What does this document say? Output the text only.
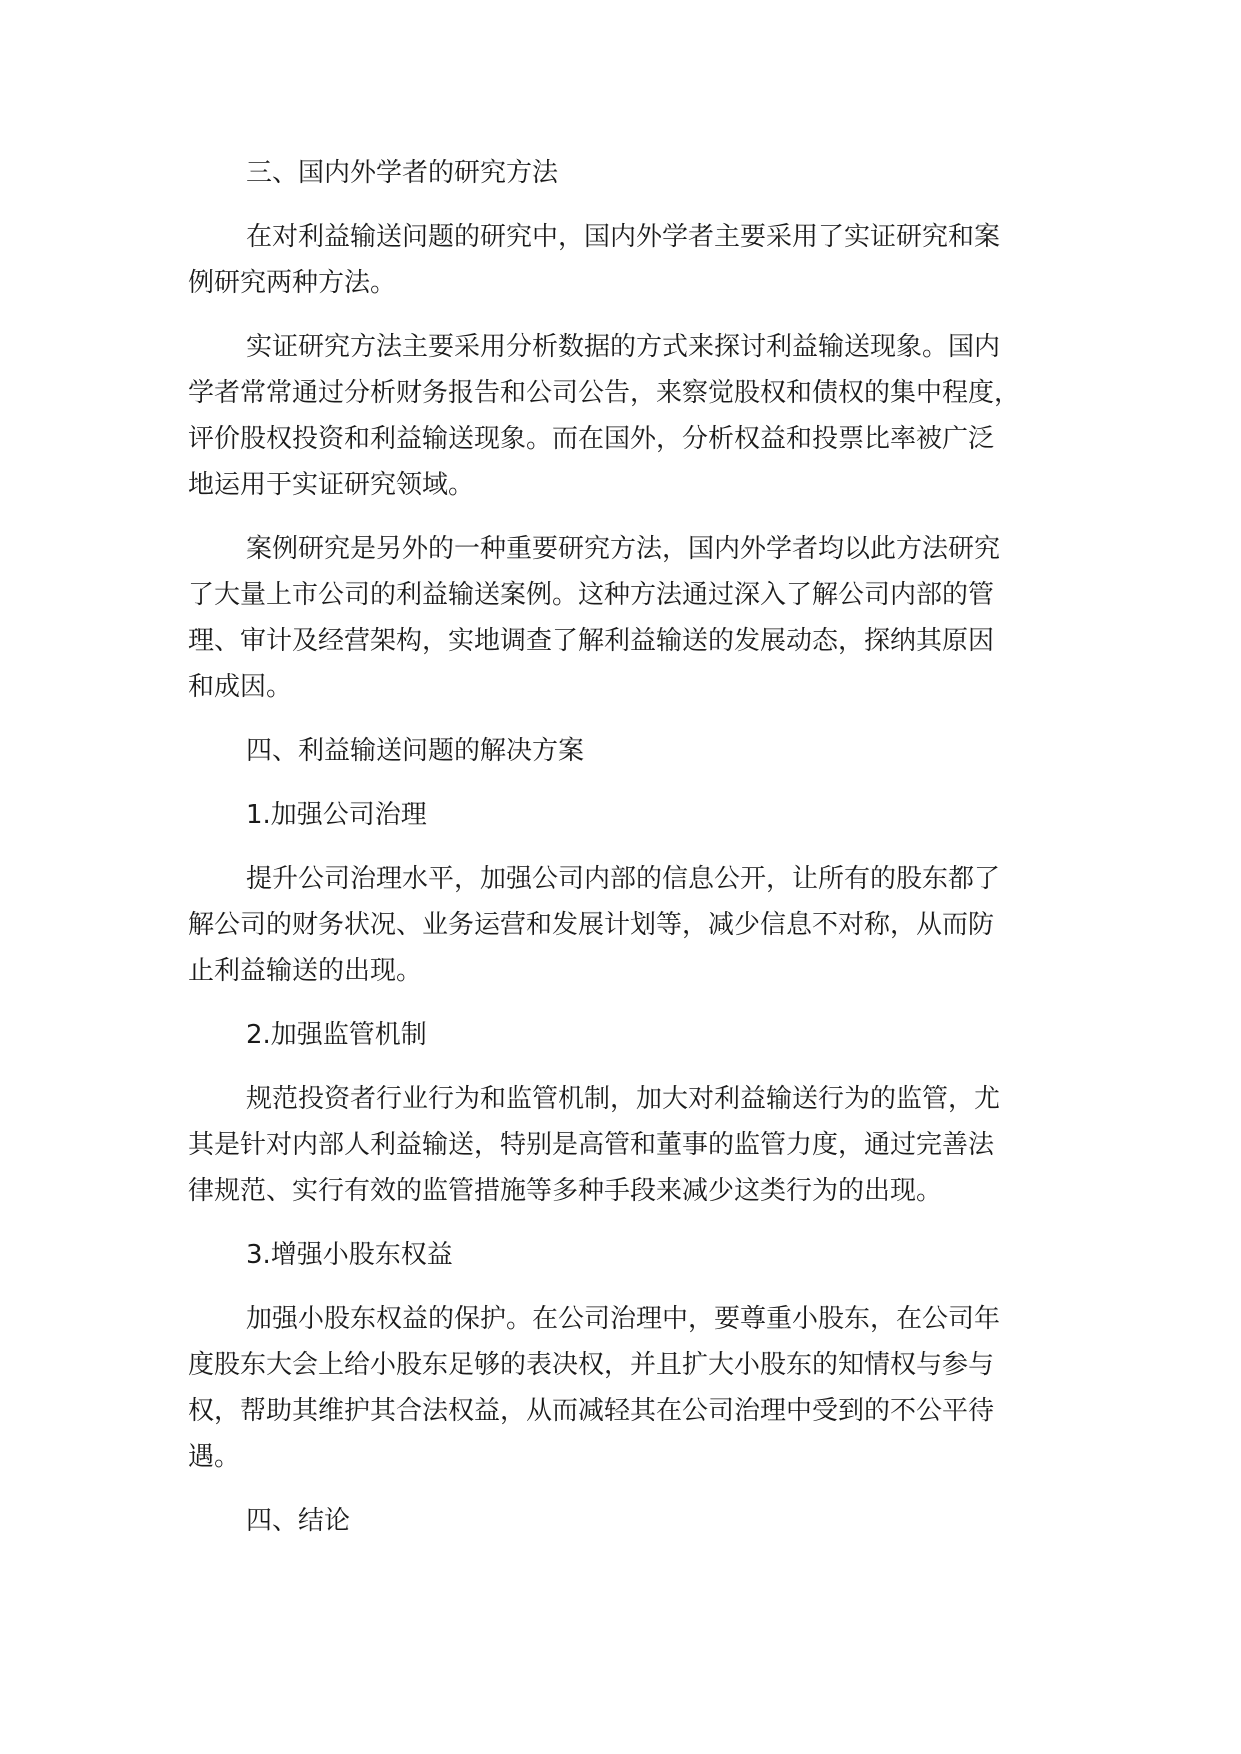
三、国内外学者的研究方法
在对利益输送问题的研究中，国内外学者主要采用了实证研究和案
例研究两种方法。
实证研究方法主要采用分析数据的方式来探讨利益输送现象。国内
学者常常通过分析财务报告和公司公告，来察觉股权和债权的集中程度，
评价股权投资和利益输送现象。而在国外，分析权益和投票比率被广泛
地运用于实证研究领域。
案例研究是另外的一种重要研究方法，国内外学者均以此方法研究
了大量上市公司的利益输送案例。这种方法通过深入了解公司内部的管
理、审计及经营架构，实地调查了解利益输送的发展动态，探纳其原因
和成因。
四、利益输送问题的解决方案
1.加强公司治理
提升公司治理水平，加强公司内部的信息公开，让所有的股东都了
解公司的财务状况、业务运营和发展计划等，减少信息不对称，从而防
止利益输送的出现。
2.加强监管机制
规范投资者行业行为和监管机制，加大对利益输送行为的监管，尤
其是针对内部人利益输送，特别是高管和董事的监管力度，通过完善法
律规范、实行有效的监管措施等多种手段来减少这类行为的出现。
3.增强小股东权益
加强小股东权益的保护。在公司治理中，要尊重小股东，在公司年
度股东大会上给小股东足够的表决权，并且扩大小股东的知情权与参与
权，帮助其维护其合法权益，从而减轻其在公司治理中受到的不公平待
遇。
四、结论
